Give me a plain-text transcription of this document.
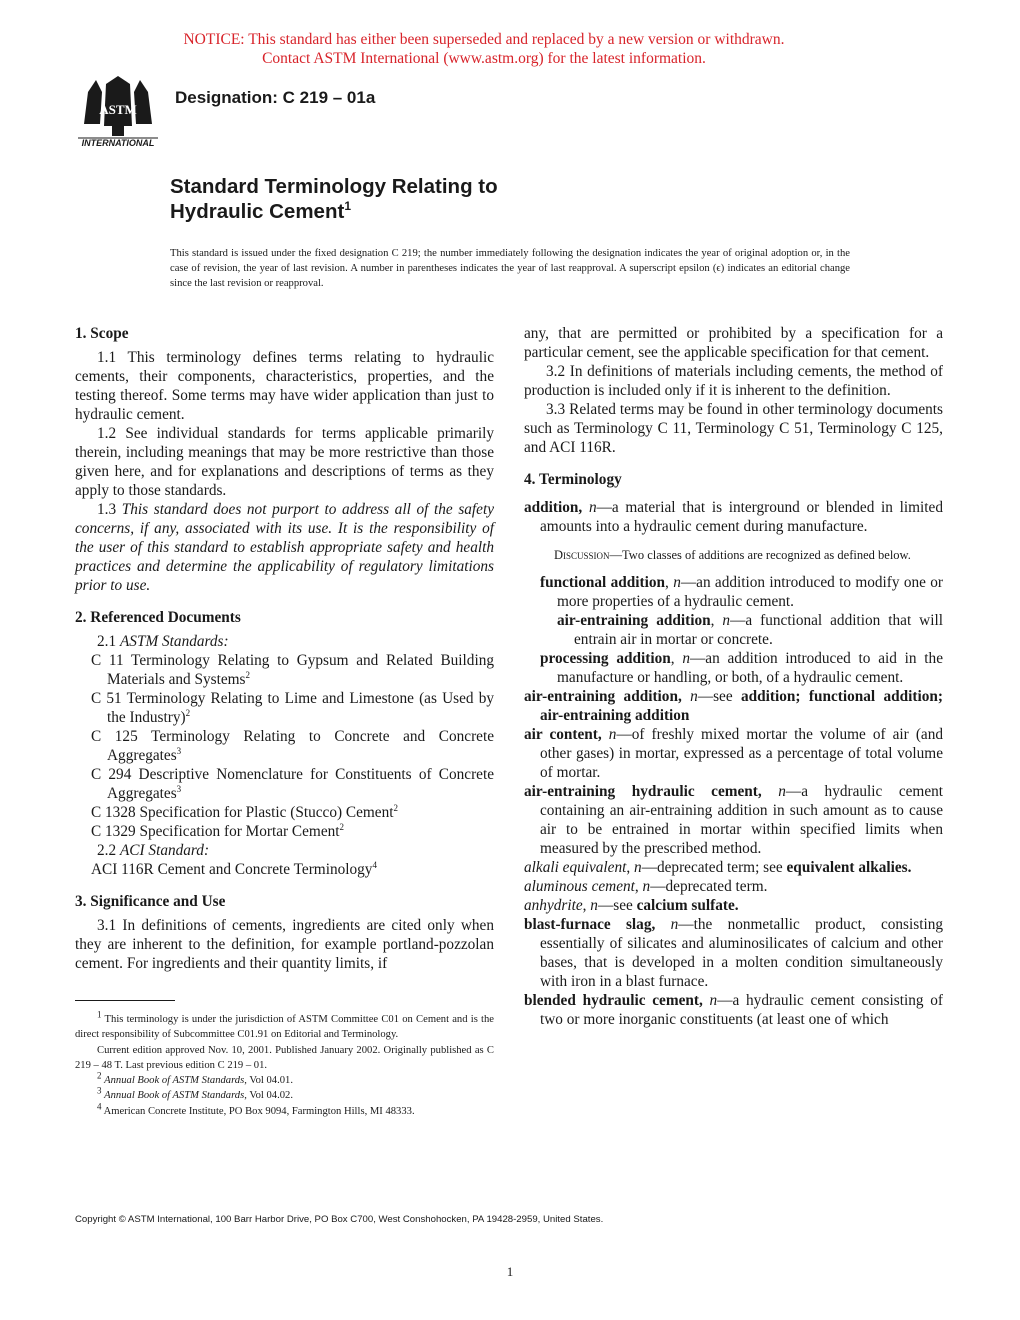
NOTICE: This standard has either been superseded and replaced by a new version or withdrawn.
Contact ASTM International (www.astm.org) for the latest information.
ASTM
INTERNATIONAL
Designation: C 219 – 01a
Standard Terminology Relating to
Hydraulic Cement$^1$
This standard is issued under the fixed designation C 219; the number immediately following the designation indicates the year of original adoption or, in the case of revision, the year of last revision. A number in parentheses indicates the year of last reapproval. A superscript epsilon (ϵ) indicates an editorial change since the last revision or reapproval.

1. Scope

1.1 This terminology defines terms relating to hydraulic cements, their components, characteristics, properties, and the testing thereof. Some terms may have wider application than just to hydraulic cement.

1.2 See individual standards for terms applicable primarily therein, including meanings that may be more restrictive than those given here, and for explanations and descriptions of terms as they apply to those standards.

1.3 This standard does not purport to address all of the safety concerns, if any, associated with its use. It is the responsibility of the user of this standard to establish appropriate safety and health practices and determine the applicability of regulatory limitations prior to use.

2. Referenced Documents

2.1 ASTM Standards:

C 11 Terminology Relating to Gypsum and Related Building Materials and Systems$^2$

C 51 Terminology Relating to Lime and Limestone (as Used by the Industry)$^2$

C 125 Terminology Relating to Concrete and Concrete Aggregates$^3$

C 294 Descriptive Nomenclature for Constituents of Concrete Aggregates$^3$

C 1328 Specification for Plastic (Stucco) Cement$^2$

C 1329 Specification for Mortar Cement$^2$

2.2 ACI Standard:

ACI 116R Cement and Concrete Terminology$^4$

3. Significance and Use

3.1 In definitions of cements, ingredients are cited only when they are inherent to the definition, for example portland-pozzolan cement. For ingredients and their quantity limits, if

$^1$ This terminology is under the jurisdiction of ASTM Committee C01 on Cement and is the direct responsibility of Subcommittee C01.91 on Editorial and Terminology.

Current edition approved Nov. 10, 2001. Published January 2002. Originally published as C 219 – 48 T. Last previous edition C 219 – 01.

$^2$ Annual Book of ASTM Standards, Vol 04.01.

$^3$ Annual Book of ASTM Standards, Vol 04.02.

$^4$ American Concrete Institute, PO Box 9094, Farmington Hills, MI 48333.

any, that are permitted or prohibited by a specification for a particular cement, see the applicable specification for that cement.

3.2 In definitions of materials including cements, the method of production is included only if it is inherent to the definition.

3.3 Related terms may be found in other terminology documents such as Terminology C 11, Terminology C 51, Terminology C 125, and ACI 116R.

4. Terminology

addition, n—a material that is interground or blended in limited amounts into a hydraulic cement during manufacture.

Discussion—Two classes of additions are recognized as defined below.

functional addition, n—an addition introduced to modify one or more properties of a hydraulic cement.

air-entraining addition, n—a functional addition that will entrain air in mortar or concrete.

processing addition, n—an addition introduced to aid in the manufacture or handling, or both, of a hydraulic cement.

air-entraining addition, n—see addition; functional addition; air-entraining addition

air content, n—of freshly mixed mortar the volume of air (and other gases) in mortar, expressed as a percentage of total volume of mortar.

air-entraining hydraulic cement, n—a hydraulic cement containing an air-entraining addition in such amount as to cause air to be entrained in mortar within specified limits when measured by the prescribed method.

alkali equivalent, n—deprecated term; see equivalent alkalies.

aluminous cement, n—deprecated term.

anhydrite, n—see calcium sulfate.

blast-furnace slag, n—the nonmetallic product, consisting essentially of silicates and aluminosilicates of calcium and other bases, that is developed in a molten condition simultaneously with iron in a blast furnace.

blended hydraulic cement, n—a hydraulic cement consisting of two or more inorganic constituents (at least one of which

Copyright © ASTM International, 100 Barr Harbor Drive, PO Box C700, West Conshohocken, PA 19428-2959, United States.
1
